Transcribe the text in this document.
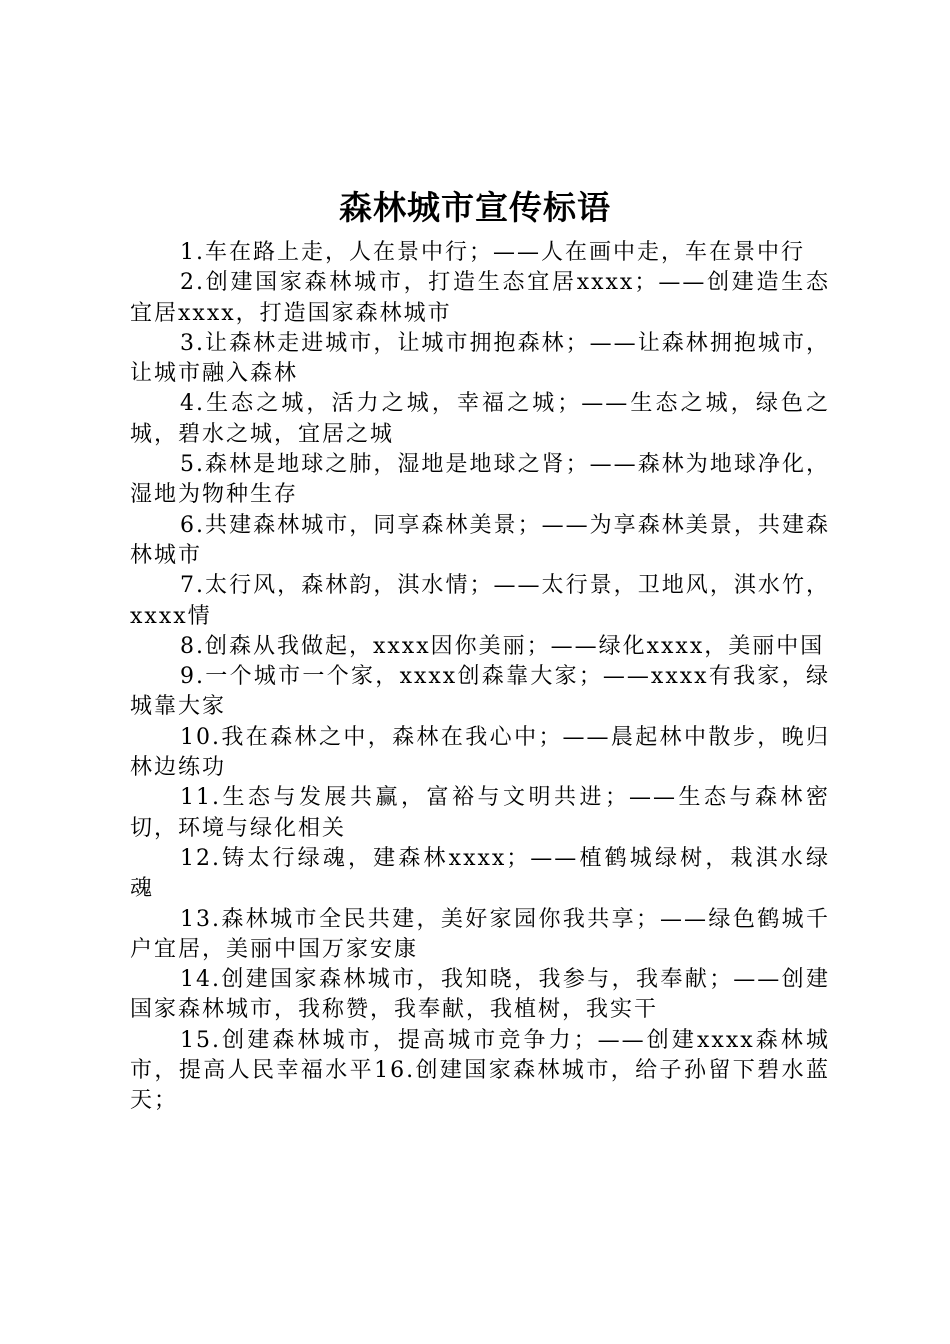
森林城市宣传标语

1.车在路上走，人在景中行；——人在画中走，车在景中行

2.创建国家森林城市，打造生态宜居xxxx；——创建造生态宜居xxxx，打造国家森林城市

3.让森林走进城市，让城市拥抱森林；——让森林拥抱城市，让城市融入森林

4.生态之城，活力之城，幸福之城；——生态之城，绿色之城，碧水之城，宜居之城

5.森林是地球之肺，湿地是地球之肾；——森林为地球净化，湿地为物种生存

6.共建森林城市，同享森林美景；——为享森林美景，共建森林城市

7.太行风，森林韵，淇水情；——太行景，卫地风，淇水竹，xxxx情

8.创森从我做起，xxxx因你美丽；——绿化xxxx，美丽中国

9.一个城市一个家，xxxx创森靠大家；——xxxx有我家，绿城靠大家

10.我在森林之中，森林在我心中；——晨起林中散步，晚归林边练功

11.生态与发展共赢，富裕与文明共进；——生态与森林密切，环境与绿化相关

12.铸太行绿魂，建森林xxxx；——植鹤城绿树，栽淇水绿魂

13.森林城市全民共建，美好家园你我共享；——绿色鹤城千户宜居，美丽中国万家安康

14.创建国家森林城市，我知晓，我参与，我奉献；——创建国家森林城市，我称赞，我奉献，我植树，我实干

15.创建森林城市，提高城市竞争力；——创建xxxx森林城市，提高人民幸福水平16.创建国家森林城市，给子孙留下碧水蓝天；
